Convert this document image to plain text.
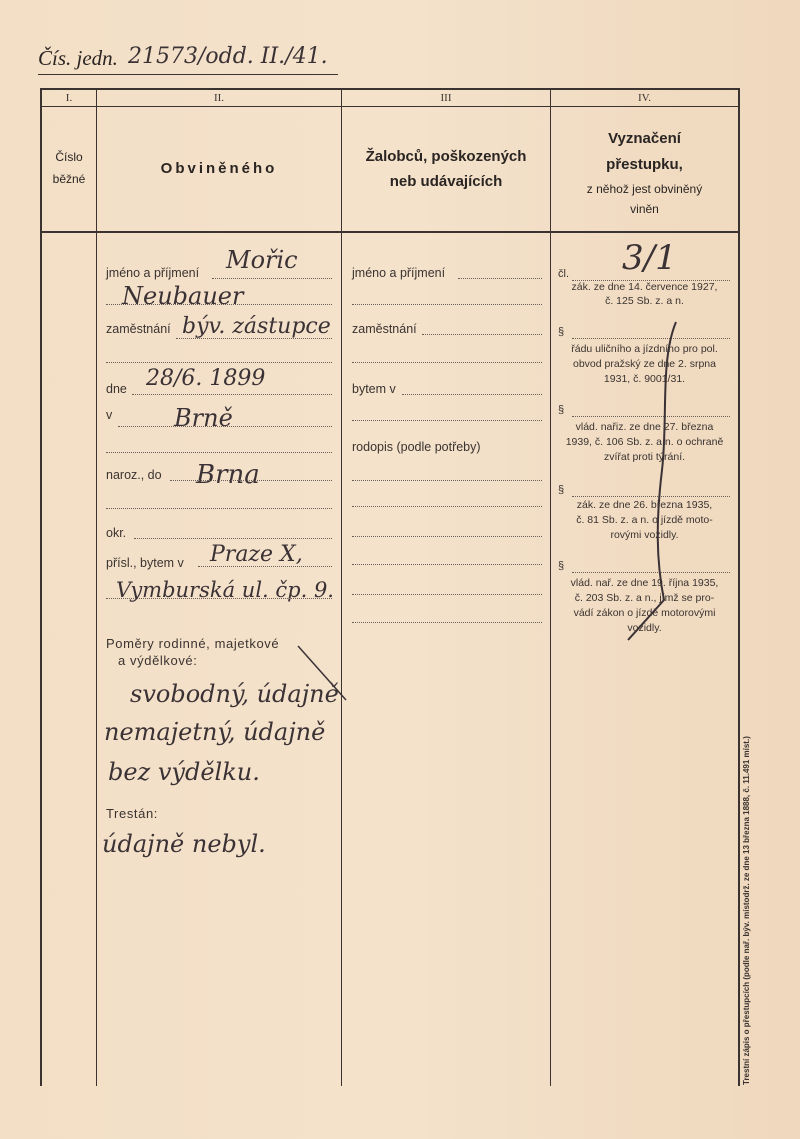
Čís. jedn. 21573/odd. II./41.
I.	II.	III	IV.
Číslo
běžné
Obviněného
Žalobců, poškozených
neb udávajících
Vyznačení
přestupku,
z něhož jest obviněný
viněn
jméno a příjmení Mořic
Neubauer
zaměstnání býv. zástupce
dne 28/6. 1899
v	Brně
naroz., do Brna
okr.
přísl., bytem v Praze X,
Vymburská ul. čp. 9.
Poměry rodinné, majetkové
a výdělkové:
svobodný, údajně
nemajetný, údajně
bez výdělku.
Trestán:
údajně nebyl.
jméno a příjmení
zaměstnání
bytem v
rodopis (podle potřeby)
3/1
čl.
zák. ze dne 14. července 1927,
č. 125 Sb. z. a n.
§
řádu uličního a jízdního pro pol.
obvod pražský ze dne 2. srpna
1931, č. 9001/31.
§
vlád. nařiz. ze dne 27. března
1939, č. 106 Sb. z. a n. o ochraně
zvířat proti týrání.
§
zák. ze dne 26. března 1935,
č. 81 Sb. z. a n. o jízdě moto-
rovými vozidly.
§
vlád. nař. ze dne 19. října 1935,
č. 203 Sb. z. a n., jímž se pro-
vádí zákon o jízdě motorovými
vozidly.
Trestní zápis o přestupcích (podle nař. býv. místodrž. ze dne 13 března 1888, č. 11.491 míst.)
